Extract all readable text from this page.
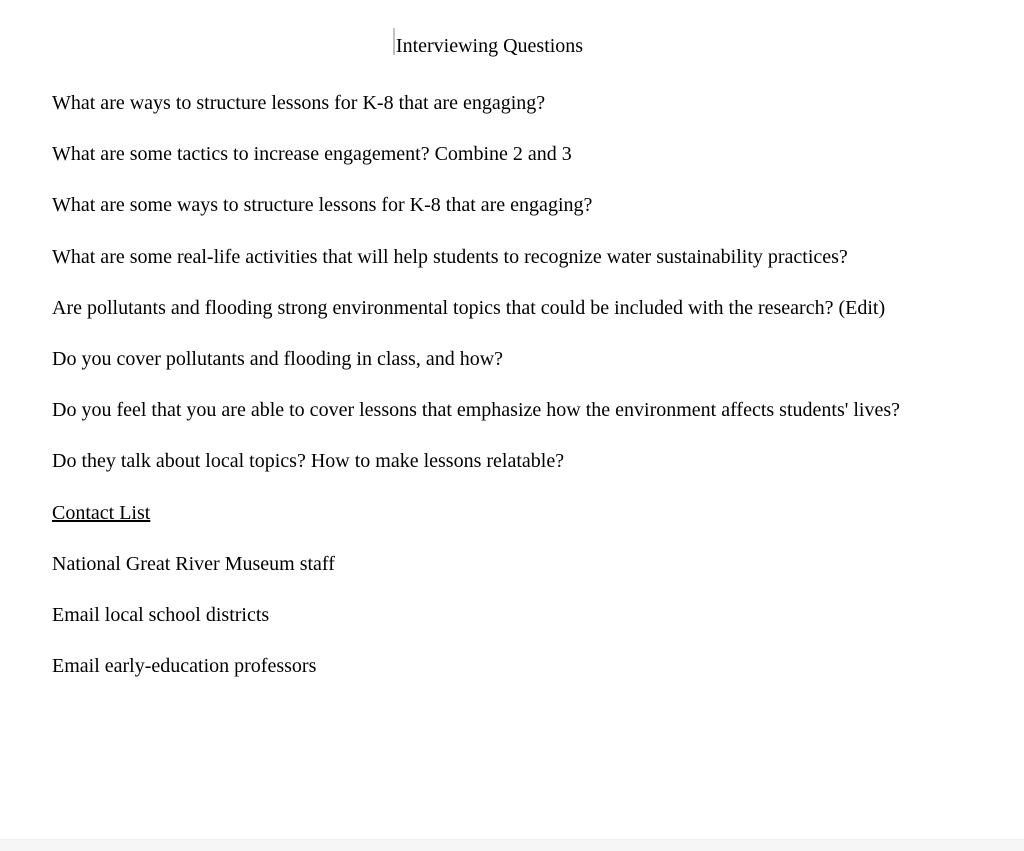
Interviewing Questions

What are ways to structure lessons for K-8 that are engaging?

What are some tactics to increase engagement? Combine 2 and 3

What are some ways to structure lessons for K-8 that are engaging?

What are some real-life activities that will help students to recognize water sustainability practices?

Are pollutants and flooding strong environmental topics that could be included with the research? (Edit)

Do you cover pollutants and flooding in class, and how?

Do you feel that you are able to cover lessons that emphasize how the environment affects students' lives?

Do they talk about local topics? How to make lessons relatable?

Contact List

National Great River Museum staff

Email local school districts

Email early-education professors
